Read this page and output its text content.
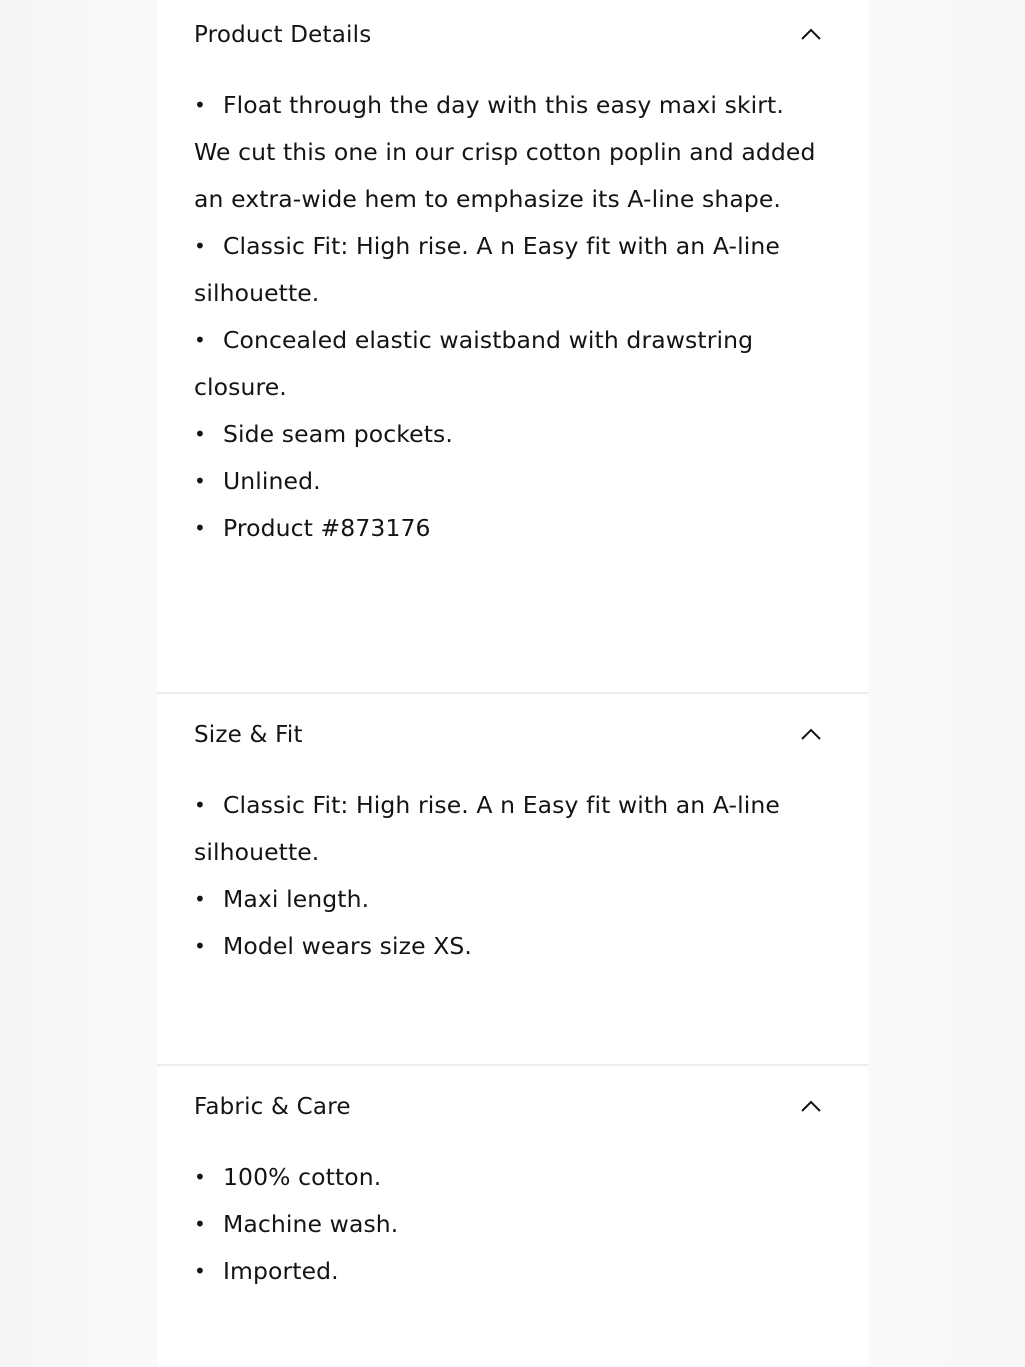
Product Details
• Float through the day with this easy maxi skirt. We cut this one in our crisp cotton poplin and added an extra-wide hem to emphasize its A-line shape.
• Classic Fit: High rise. A n Easy fit with an A-line silhouette.
• Concealed elastic waistband with drawstring closure.
• Side seam pockets.
• Unlined.
• Product #873176
Size & Fit
• Classic Fit: High rise. A n Easy fit with an A-line silhouette.
• Maxi length.
• Model wears size XS.
Fabric & Care
• 100% cotton.
• Machine wash.
• Imported.
